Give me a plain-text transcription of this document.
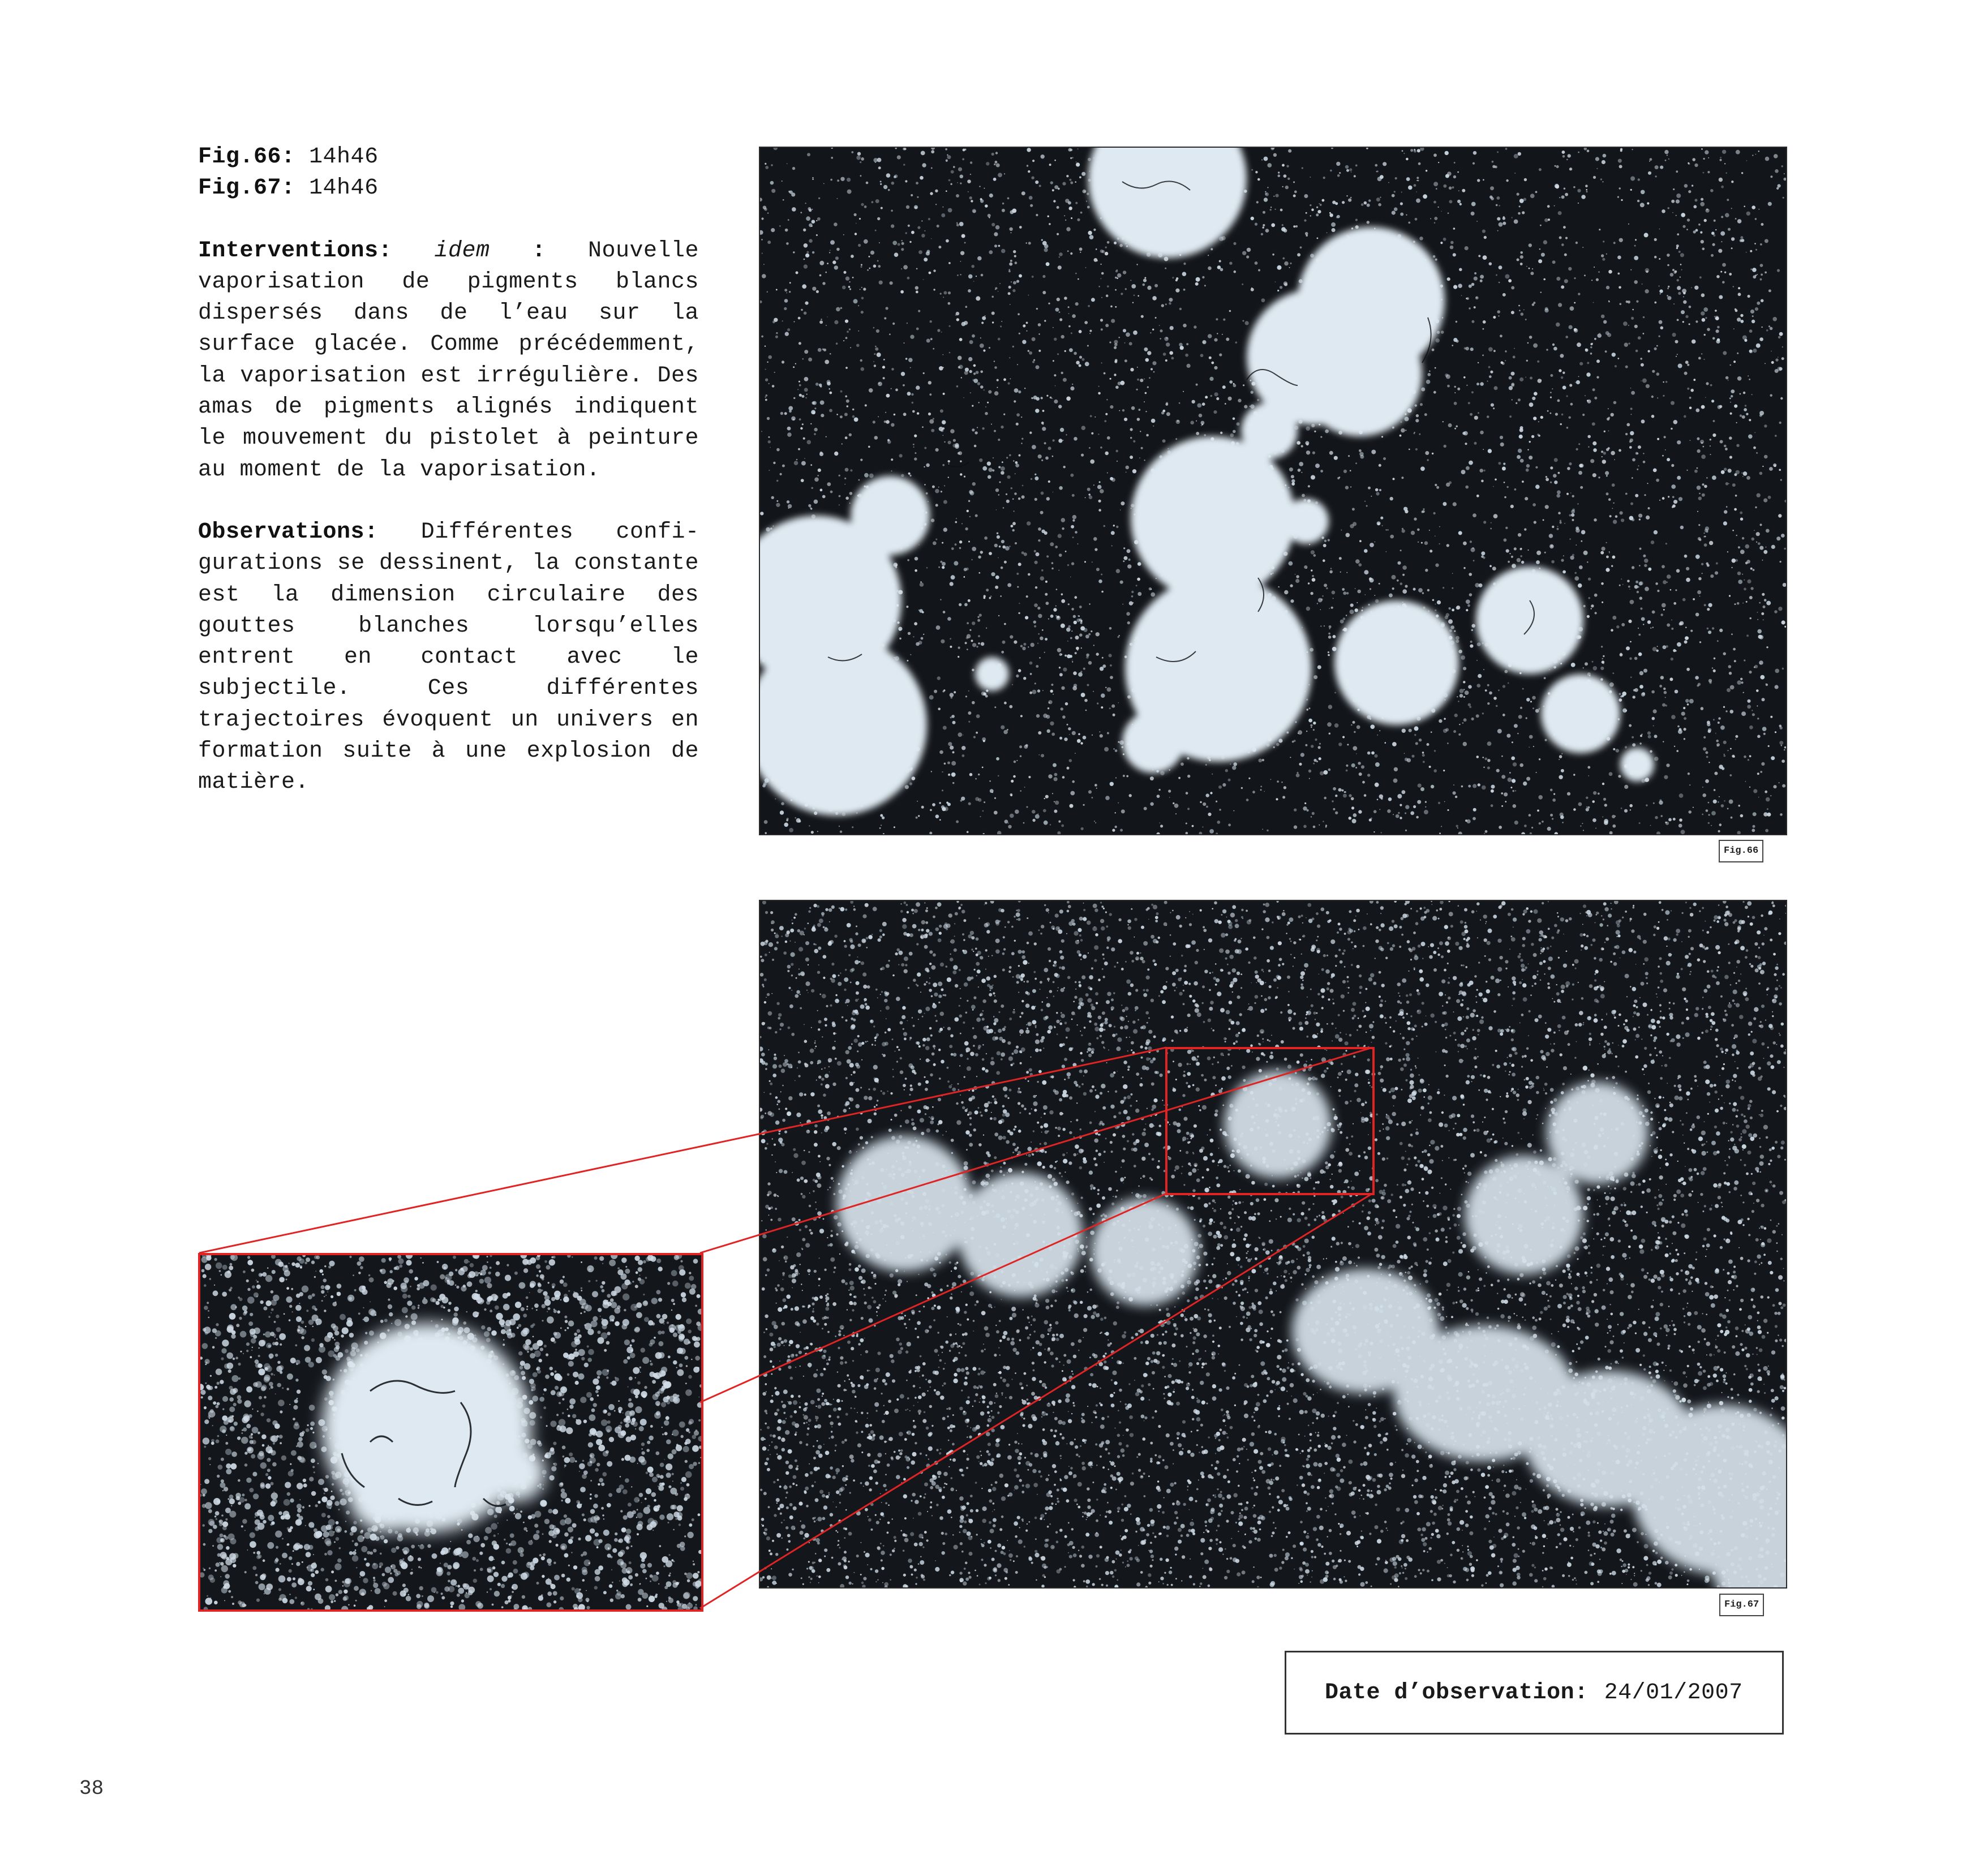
Fig.66: 14h46
Fig.67: 14h46
Interventions: idem : Nouvelle vaporisation de pigments blancs dispersés dans de l’eau sur la surface glacée. Comme précédemment, la vaporisation est irrégulière. Des amas de pigments alignés indiquent le mouvement du pistolet à peinture au moment de la vaporisation.
Observations: Différentes configurations se dessinent, la constante est la dimension circulaire des gouttes blanches lorsqu’elles entrent en contact avec le subjectile. Ces différentes trajectoires évoquent un univers en formation suite à une explosion de matière.
Fig.66
Fig.67
Date d’observation: 24/01/2007
38
